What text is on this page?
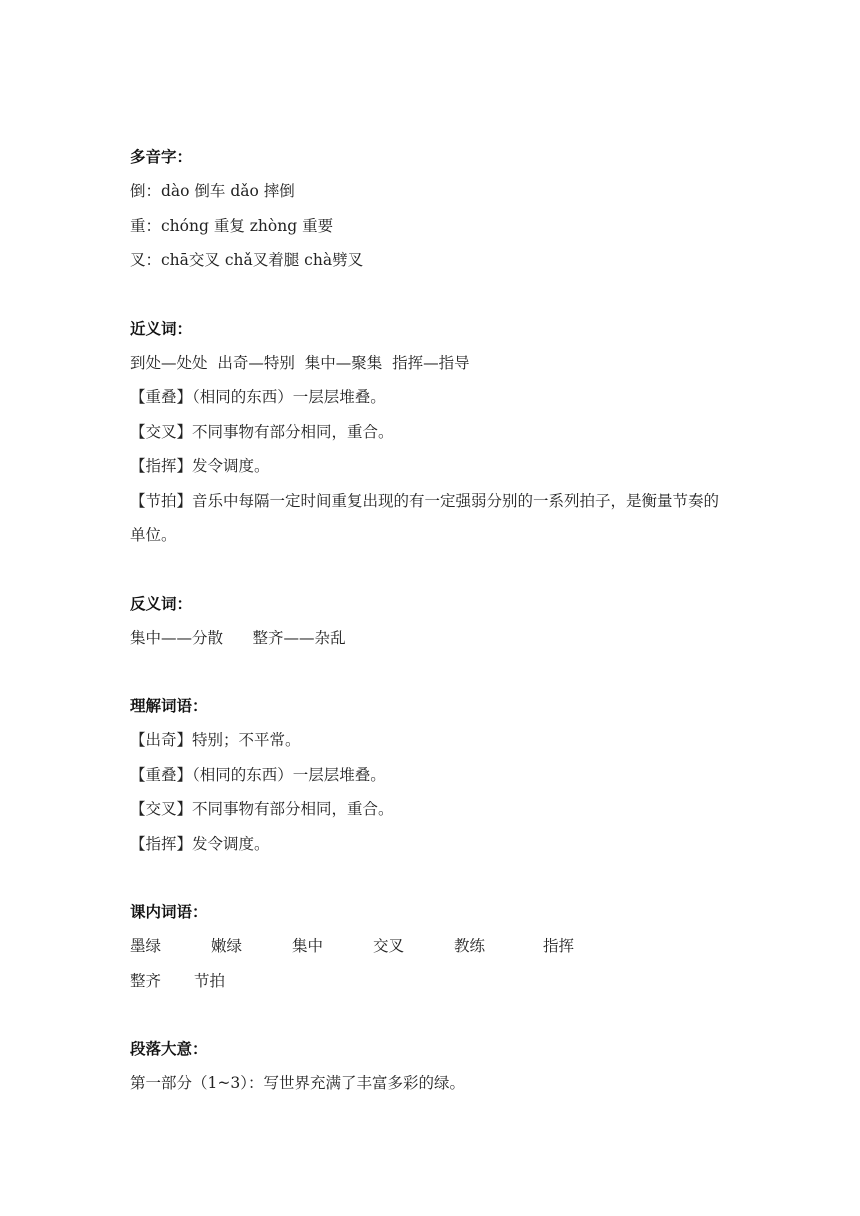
多音字：
倒：dào 倒车 dǎo 摔倒
重：chóng 重复 zhòng 重要
叉：chā交叉 chǎ叉着腿 chà劈叉
近义词：
到处—处处  出奇—特别  集中—聚集  指挥—指导
【重叠】（相同的东西）一层层堆叠。
【交叉】不同事物有部分相同，重合。
【指挥】发令调度。
【节拍】音乐中每隔一定时间重复出现的有一定强弱分别的一系列拍子，是衡量节奏的单位。
反义词：
集中——分散      整齐——杂乱
理解词语：
【出奇】特别；不平常。
【重叠】（相同的东西）一层层堆叠。
【交叉】不同事物有部分相同，重合。
【指挥】发令调度。
课内词语：
墨绿	嫩绿	集中	交叉	教练	指挥
整齐	节拍
段落大意：
第一部分（1~3）：写世界充满了丰富多彩的绿。
